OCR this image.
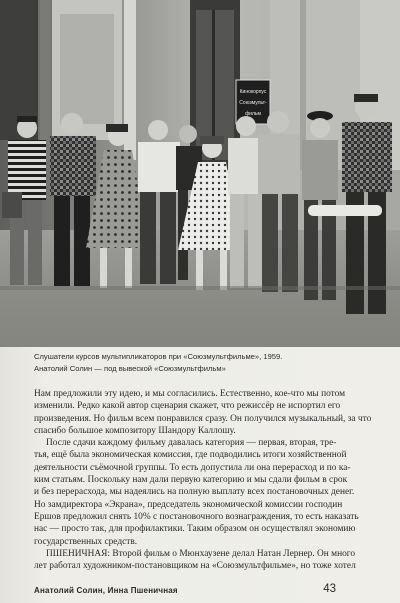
Кинокорпус
Союзмульт-
фильм
Слушатели курсов мультипликаторов при «Союзмультфильме», 1959.
Анатолий Солин — под вывеской «Союзмультфильм»
Нам предложили эту идею, и мы согласились. Естественно, кое-что мы потом
изменили. Редко какой автор сценария скажет, что режиссёр не испортил его
произведения. Но фильм всем понравился сразу. Он получился музыкальный, за что
спасибо большое композитору Шандору Каллошу.
После сдачи каждому фильму давалась категория — первая, вторая, тре-
тья, ещё была экономическая комиссия, где подводились итоги хозяйственной
деятельности съёмочной группы. То есть допустила ли она перерасход и по ка-
ким статьям. Поскольку нам дали первую категорию и мы сдали фильм в срок
и без перерасхода, мы надеялись на полную выплату всех постановочных денег.
Но замдиректора «Экрана», председатель экономической комиссии господин
Ершов предложил снять 10% с постановочного вознаграждения, то есть наказать
нас — просто так, для профилактики. Таким образом он осуществлял экономию
государственных средств.
ПШЕНИЧНАЯ: Второй фильм о Мюнхаузене делал Натан Лернер. Он много
лет работал художником-постановщиком на «Союзмультфильме», но тоже хотел
Анатолий Солин, Инна Пшеничная	43
